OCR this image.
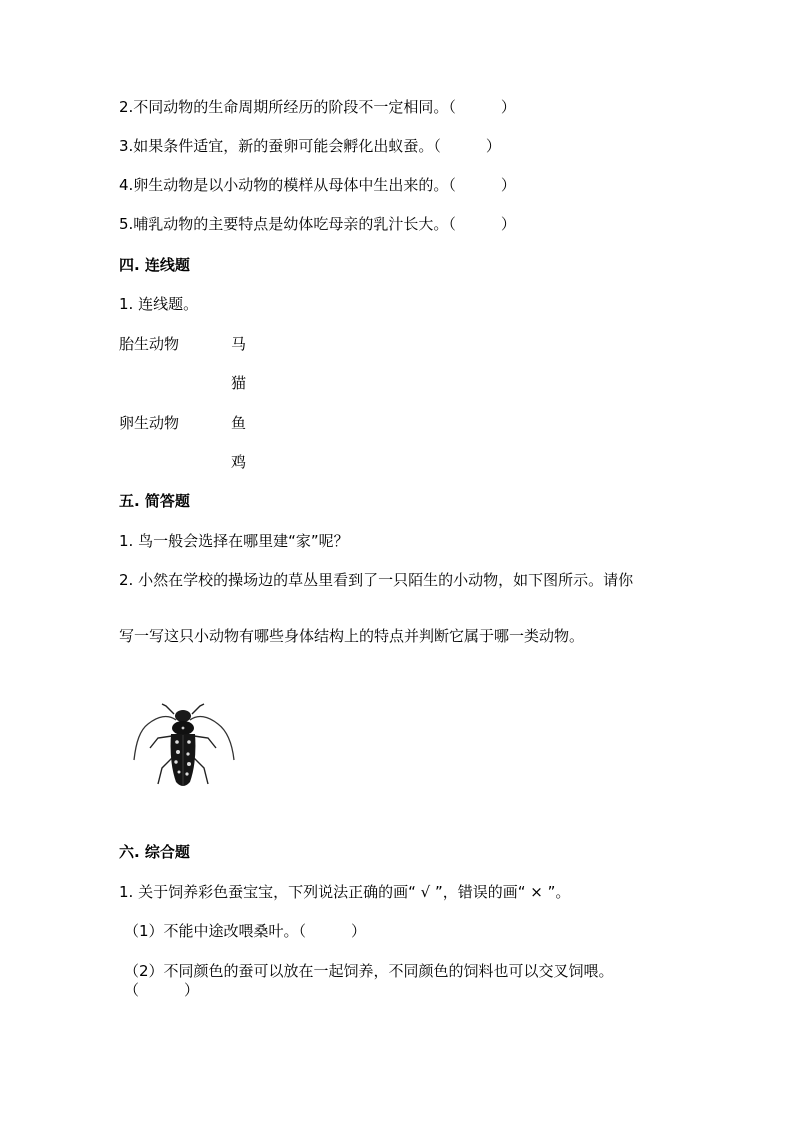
2.不同动物的生命周期所经历的阶段不一定相同。（　　　）
3.如果条件适宜，新的蚕卵可能会孵化出蚁蚕。（　　　）
4.卵生动物是以小动物的模样从母体中生出来的。（　　　）
5.哺乳动物的主要特点是幼体吃母亲的乳汁长大。（　　　）
四. 连线题
1. 连线题。
胎生动物
卵生动物
马
猫
鱼
鸡
五. 简答题
1. 鸟一般会选择在哪里建“家”呢？
2. 小然在学校的操场边的草丛里看到了一只陌生的小动物，如下图所示。请你
写一写这只小动物有哪些身体结构上的特点并判断它属于哪一类动物。
六. 综合题
1. 关于饲养彩色蚕宝宝，下列说法正确的画“ √ ”，错误的画“ × ”。
（1）不能中途改喂桑叶。（　　　）
（2）不同颜色的蚕可以放在一起饲养，不同颜色的饲料也可以交叉饲喂。
（　　　）
